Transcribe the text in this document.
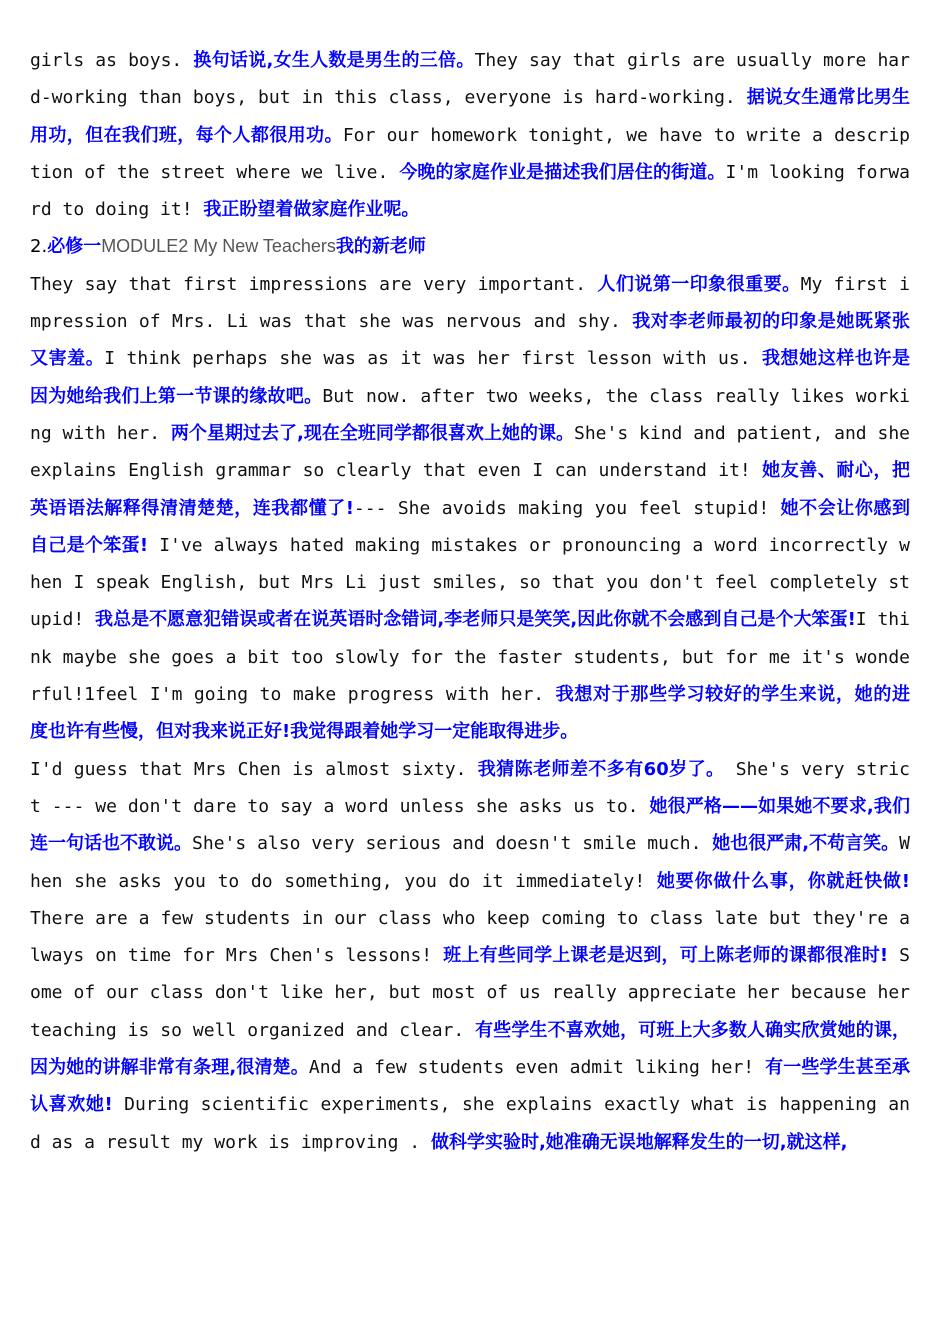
girls as boys. 换句话说,女生人数是男生的三倍。They say that girls are usually more hard-working than boys, but in this class, everyone is hard-working. 据说女生通常比男生用功，但在我们班，每个人都很用功。For our homework tonight, we have to write a description of the street where we live. 今晚的家庭作业是描述我们居住的街道。I'm looking forward to doing it! 我正盼望着做家庭作业呢。

2.必修一MODULE2 My New Teachers我的新老师

They say that first impressions are very important. 人们说第一印象很重要。My first impression of Mrs. Li was that she was nervous and shy. 我对李老师最初的印象是她既紧张又害羞。I think perhaps she was as it was her first lesson with us. 我想她这样也许是因为她给我们上第一节课的缘故吧。But now. after two weeks, the class really likes working with her. 两个星期过去了,现在全班同学都很喜欢上她的课。She's kind and patient, and she explains English grammar so clearly that even I can understand it! 她友善、耐心，把英语语法解释得清清楚楚，连我都懂了!--- She avoids making you feel stupid! 她不会让你感到自己是个笨蛋! I've always hated making mistakes or pronouncing a word incorrectly when I speak English, but Mrs Li just smiles, so that you don't feel completely stupid! 我总是不愿意犯错误或者在说英语时念错词,李老师只是笑笑,因此你就不会感到自己是个大笨蛋!I think maybe she goes a bit too slowly for the faster students, but for me it's wonderful!1feel I'm going to make progress with her. 我想对于那些学习较好的学生来说，她的进度也许有些慢，但对我来说正好!我觉得跟着她学习一定能取得进步。

I'd guess that Mrs Chen is almost sixty. 我猜陈老师差不多有60岁了。 She's very strict --- we don't dare to say a word unless she asks us to. 她很严格——如果她不要求,我们连一句话也不敢说。She's also very serious and doesn't smile much. 她也很严肃,不苟言笑。When she asks you to do something, you do it immediately! 她要你做什么事，你就赶快做! There are a few students in our class who keep coming to class late but they're always on time for Mrs Chen's lessons! 班上有些同学上课老是迟到，可上陈老师的课都很准时! Some of our class don't like her, but most of us really appreciate her because her teaching is so well organized and clear. 有些学生不喜欢她，可班上大多数人确实欣赏她的课，因为她的讲解非常有条理,很清楚。And a few students even admit liking her! 有一些学生甚至承认喜欢她! During scientific experiments, she explains exactly what is happening and as a result my work is improving . 做科学实验时,她准确无误地解释发生的一切,就这样,
